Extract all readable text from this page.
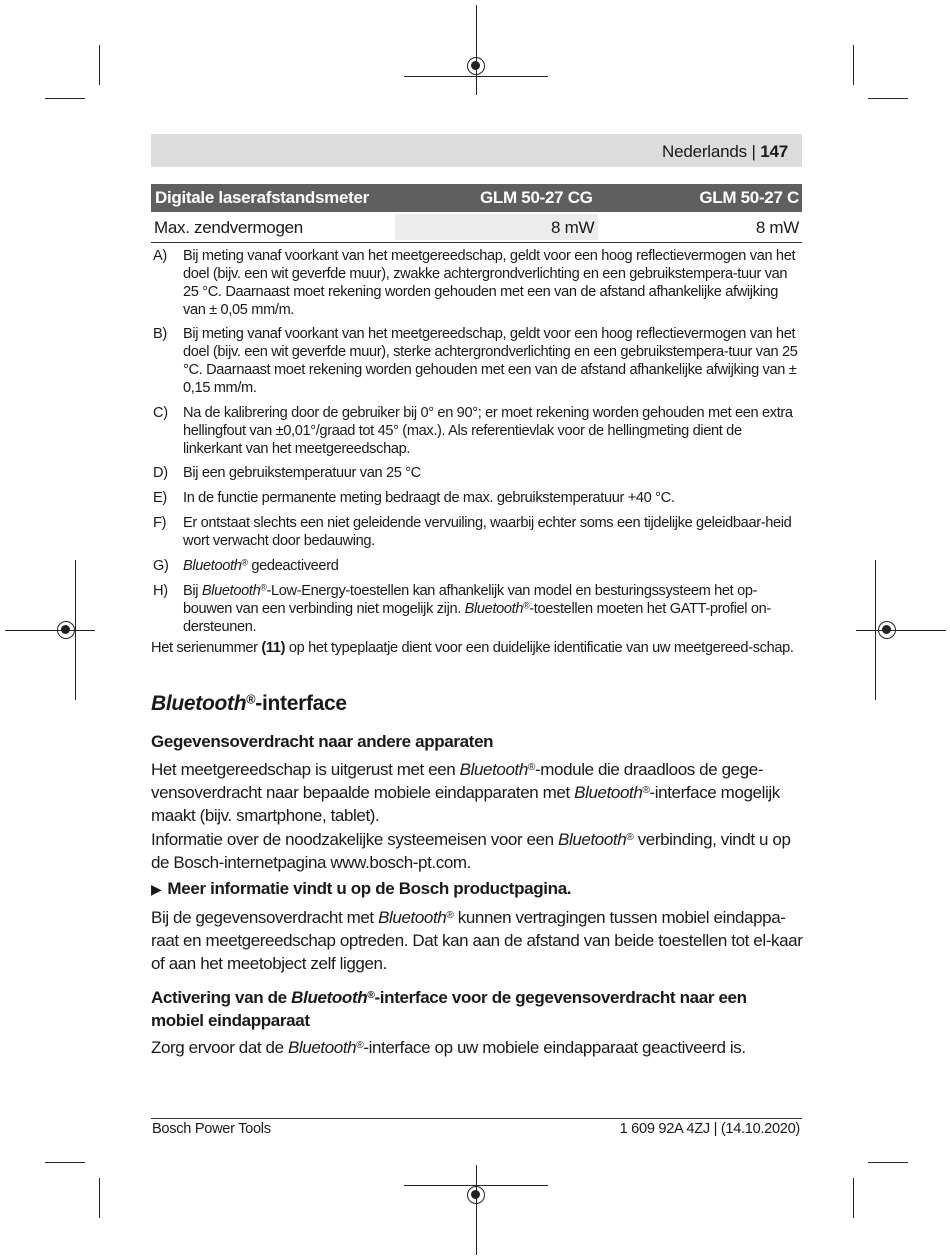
Nederlands | 147
Digitale laserafstandsmeter	GLM 50-27 CG	GLM 50-27 C
Max. zendvermogen	8 mW	8 mW
A) Bij meting vanaf voorkant van het meetgereedschap, geldt voor een hoog reflectievermogen van het doel (bijv. een wit geverfde muur), zwakke achtergrondverlichting en een gebruikstempera-tuur van 25 °C. Daarnaast moet rekening worden gehouden met een van de afstand afhankelijke afwijking van ± 0,05 mm/m.
B) Bij meting vanaf voorkant van het meetgereedschap, geldt voor een hoog reflectievermogen van het doel (bijv. een wit geverfde muur), sterke achtergrondverlichting en een gebruikstempera-tuur van 25 °C. Daarnaast moet rekening worden gehouden met een van de afstand afhankelijke afwijking van ± 0,15 mm/m.
C) Na de kalibrering door de gebruiker bij 0° en 90°; er moet rekening worden gehouden met een extra hellingfout van ±0,01°/graad tot 45° (max.). Als referentievlak voor de hellingmeting dient de linkerkant van het meetgereedschap.
D) Bij een gebruikstemperatuur van 25 °C
E) In de functie permanente meting bedraagt de max. gebruikstemperatuur +40 °C.
F) Er ontstaat slechts een niet geleidende vervuiling, waarbij echter soms een tijdelijke geleidbaar-heid wort verwacht door bedauwing.
G) Bluetooth® gedeactiveerd
H) Bij Bluetooth®-Low-Energy-toestellen kan afhankelijk van model en besturingssysteem het op-bouwen van een verbinding niet mogelijk zijn. Bluetooth®-toestellen moeten het GATT-profiel on-dersteunen.
Het serienummer (11) op het typeplaatje dient voor een duidelijke identificatie van uw meetgereed-schap.
Bluetooth®-interface
Gegevensoverdracht naar andere apparaten
Het meetgereedschap is uitgerust met een Bluetooth®-module die draadloos de gege-vensoverdracht naar bepaalde mobiele eindapparaten met Bluetooth®-interface mogelijk maakt (bijv. smartphone, tablet).
Informatie over de noodzakelijke systeemeisen voor een Bluetooth® verbinding, vindt u op de Bosch-internetpagina www.bosch-pt.com.
▶ Meer informatie vindt u op de Bosch productpagina.
Bij de gegevensoverdracht met Bluetooth® kunnen vertragingen tussen mobiel eindappa-raat en meetgereedschap optreden. Dat kan aan de afstand van beide toestellen tot el-kaar of aan het meetobject zelf liggen.
Activering van de Bluetooth®-interface voor de gegevensoverdracht naar een mobiel eindapparaat
Zorg ervoor dat de Bluetooth®-interface op uw mobiele eindapparaat geactiveerd is.
Bosch Power Tools	1 609 92A 4ZJ | (14.10.2020)
